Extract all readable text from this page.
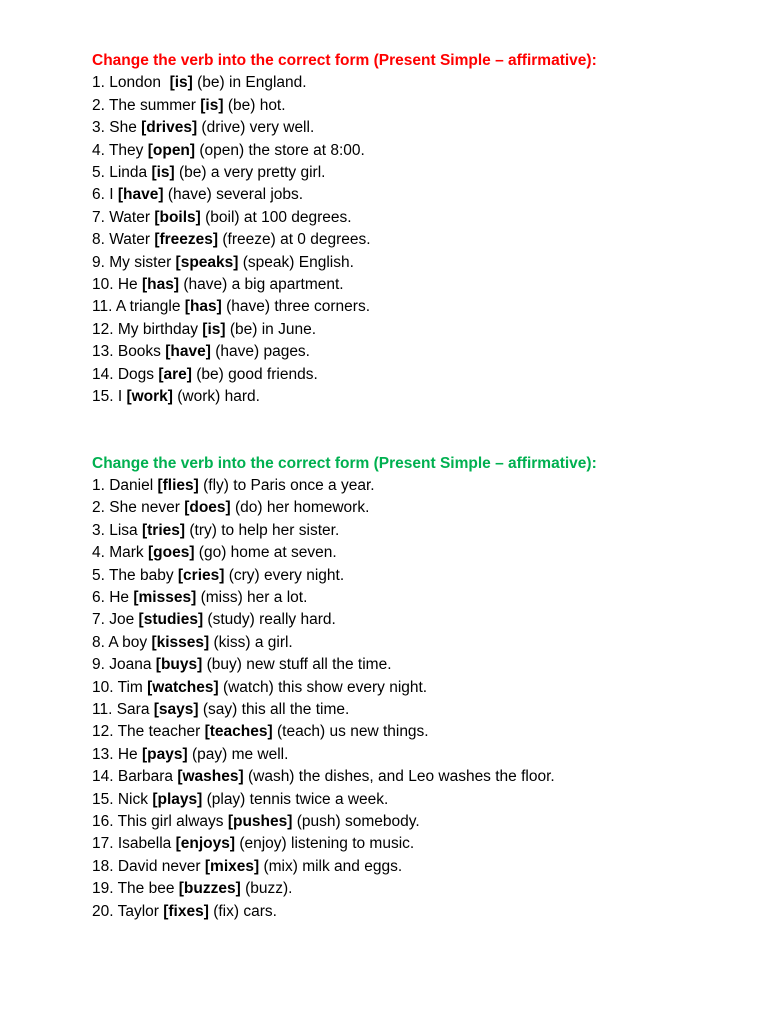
Change the verb into the correct form (Present Simple – affirmative):
1. London  [is] (be) in England.
2. The summer [is] (be) hot.
3. She [drives] (drive) very well.
4. They [open] (open) the store at 8:00.
5. Linda [is] (be) a very pretty girl.
6. I [have] (have) several jobs.
7. Water [boils] (boil) at 100 degrees.
8. Water [freezes] (freeze) at 0 degrees.
9. My sister [speaks] (speak) English.
10. He [has] (have) a big apartment.
11. A triangle [has] (have) three corners.
12. My birthday [is] (be) in June.
13. Books [have] (have) pages.
14. Dogs [are] (be) good friends.
15. I [work] (work) hard.
Change the verb into the correct form (Present Simple – affirmative):
1. Daniel [flies] (fly) to Paris once a year.
2. She never [does] (do) her homework.
3. Lisa [tries] (try) to help her sister.
4. Mark [goes] (go) home at seven.
5. The baby [cries] (cry) every night.
6. He [misses] (miss) her a lot.
7. Joe [studies] (study) really hard.
8. A boy [kisses] (kiss) a girl.
9. Joana [buys] (buy) new stuff all the time.
10. Tim [watches] (watch) this show every night.
11. Sara [says] (say) this all the time.
12. The teacher [teaches] (teach) us new things.
13. He [pays] (pay) me well.
14. Barbara [washes] (wash) the dishes, and Leo washes the floor.
15. Nick [plays] (play) tennis twice a week.
16. This girl always [pushes] (push) somebody.
17. Isabella [enjoys] (enjoy) listening to music.
18. David never [mixes] (mix) milk and eggs.
19. The bee [buzzes] (buzz).
20. Taylor [fixes] (fix) cars.
